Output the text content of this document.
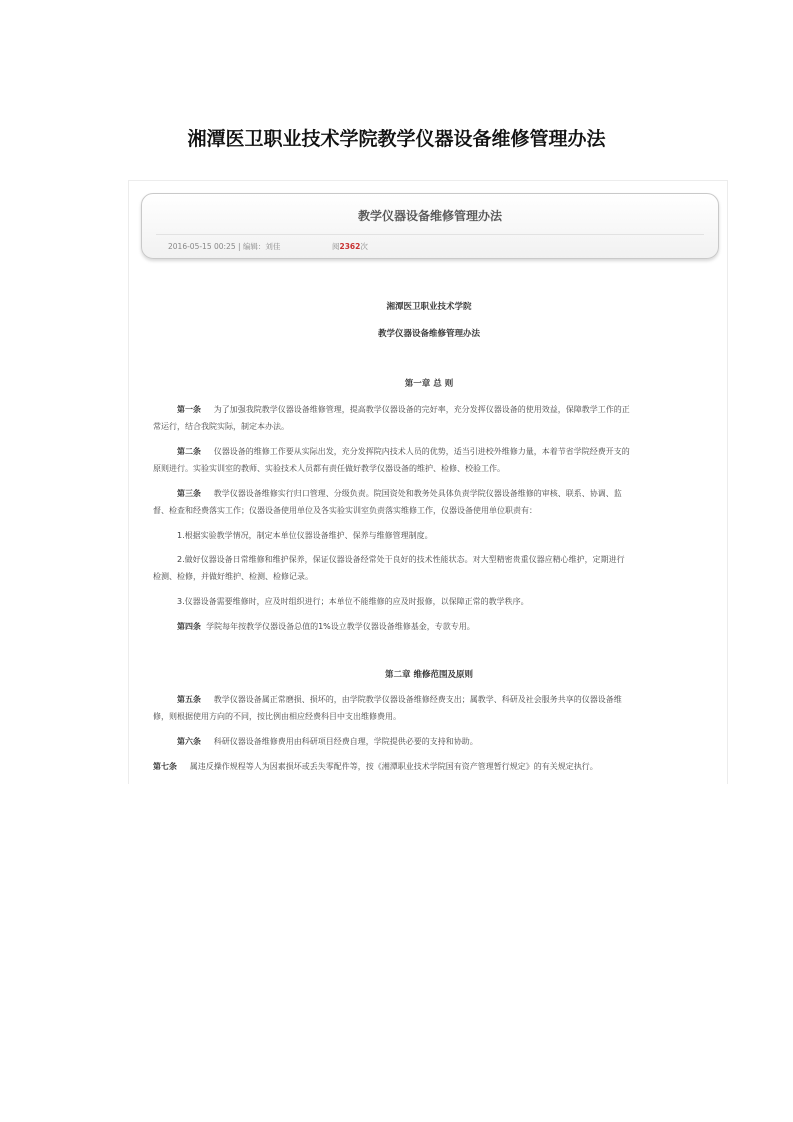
湘潭医卫职业技术学院教学仪器设备维修管理办法
教学仪器设备维修管理办法
2016-05-15 00:25 | 编辑：刘佳	阅2362次
湘潭医卫职业技术学院
教学仪器设备维修管理办法
第一章 总 则
第一条 为了加强我院教学仪器设备维修管理，提高教学仪器设备的完好率，充分发挥仪器设备的使用效益，保障教学工作的正
常运行，结合我院实际，制定本办法。
第二条 仪器设备的维修工作要从实际出发，充分发挥院内技术人员的优势，适当引进校外维修力量，本着节省学院经费开支的
原则进行。实验实训室的教师、实验技术人员都有责任做好教学仪器设备的维护、检修、校验工作。
第三条 教学仪器设备维修实行归口管理、分级负责。院国资处和教务处具体负责学院仪器设备维修的审核、联系、协调、监
督、检查和经费落实工作；仪器设备使用单位及各实验实训室负责落实维修工作，仪器设备使用单位职责有：
1.根据实验教学情况，制定本单位仪器设备维护、保养与维修管理制度。
2.做好仪器设备日常维修和维护保养，保证仪器设备经常处于良好的技术性能状态。对大型精密贵重仪器应精心维护，定期进行
检测、检修，并做好维护、检测、检修记录。
3.仪器设备需要维修时，应及时组织进行；本单位不能维修的应及时报修，以保障正常的教学秩序。
第四条 学院每年按教学仪器设备总值的1%设立教学仪器设备维修基金，专款专用。
第二章 维修范围及原则
第五条 教学仪器设备属正常磨损、损坏的，由学院教学仪器设备维修经费支出；属教学、科研及社会服务共享的仪器设备维
修，则根据使用方向的不同，按比例由相应经费科目中支出维修费用。
第六条 科研仪器设备维修费用由科研项目经费自理，学院提供必要的支持和协助。
第七条 属违反操作规程等人为因素损坏或丢失零配件等，按《湘潭职业技术学院国有资产管理暂行规定》的有关规定执行。
